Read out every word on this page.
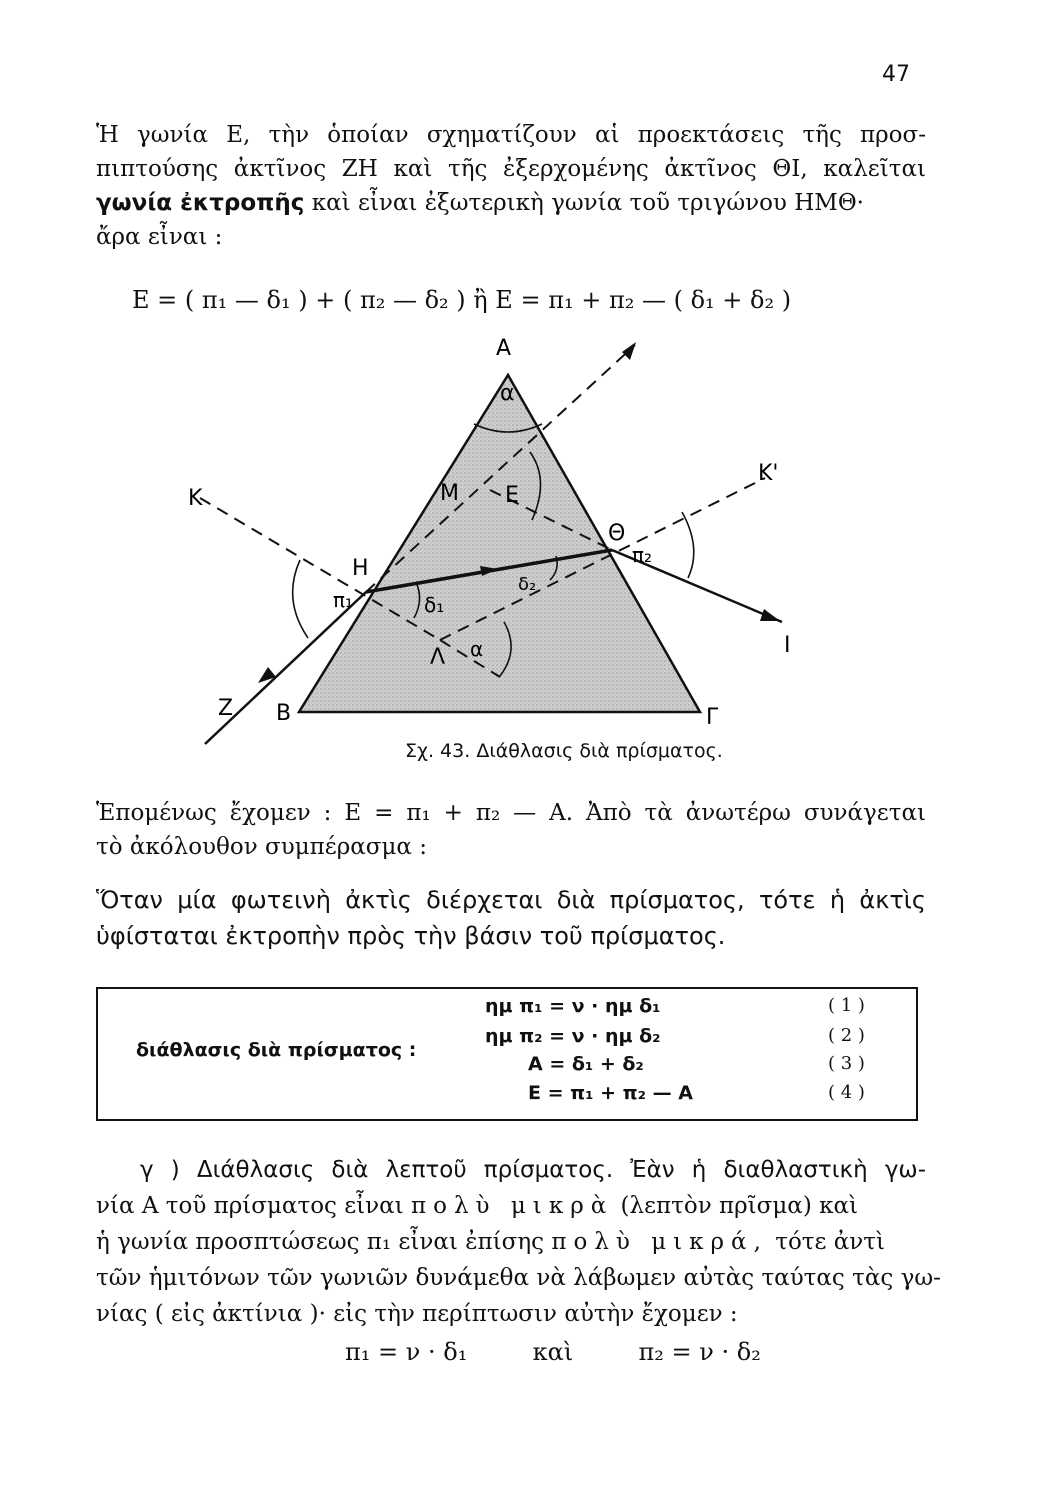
47
Ἡ γωνία Ε, τὴν ὁποίαν σχηματίζουν αἱ προεκτάσεις τῆς προσ-
πιπτούσης ἀκτῖνος ΖΗ καὶ τῆς ἐξερχομένης ἀκτῖνος ΘΙ, καλεῖται
γωνία ἐκτροπῆς καὶ εἶναι ἐξωτερικὴ γωνία τοῦ τριγώνου ΗΜΘ·
ἄρα εἶναι :
Ε = ( π₁ — δ₁ ) + ( π₂ — δ₂ ) ἢ Ε = π₁ + π₂ — ( δ₁ + δ₂ )
A
α
K
K'
M E
Θ
π₂
H
π₁	δ₁
δ₂
Λ α
Z B	Γ
I
Σχ. 43. Διάθλασις διὰ πρίσματος.
Ἑπομένως ἔχομεν : Ε = π₁ + π₂ — Α. Ἀπὸ τὰ ἀνωτέρω συνάγεται
τὸ ἀκόλουθον συμπέρασμα :
Ὅταν μία φωτεινὴ ἀκτὶς διέρχεται διὰ πρίσματος, τότε ἡ ἀκτὶς
ὑφίσταται ἐκτροπὴν πρὸς τὴν βάσιν τοῦ πρίσματος.
διάθλασις διὰ πρίσματος :
ημ π₁ = ν · ημ δ₁	( 1 )
ημ π₂ = ν · ημ δ₂	( 2 )
Α = δ₁ + δ₂	( 3 )
Ε = π₁ + π₂ — Α	( 4 )
γ ) Διάθλασις διὰ λεπτοῦ πρίσματος. Ἐὰν ἡ διαθλαστικὴ γω-
νία Α τοῦ πρίσματος εἶναι πολὺ μικρὰ (λεπτὸν πρῖσμα) καὶ
ἡ γωνία προσπτώσεως π₁ εἶναι ἐπίσης πολὺ μικρά, τότε ἀντὶ
τῶν ἡμιτόνων τῶν γωνιῶν δυνάμεθα νὰ λάβωμεν αὐτὰς ταύτας τὰς γω-
νίας ( εἰς ἀκτίνια )· εἰς τὴν περίπτωσιν αὐτὴν ἔχομεν :
π₁ = ν · δ₁	καὶ	π₂ = ν · δ₂
